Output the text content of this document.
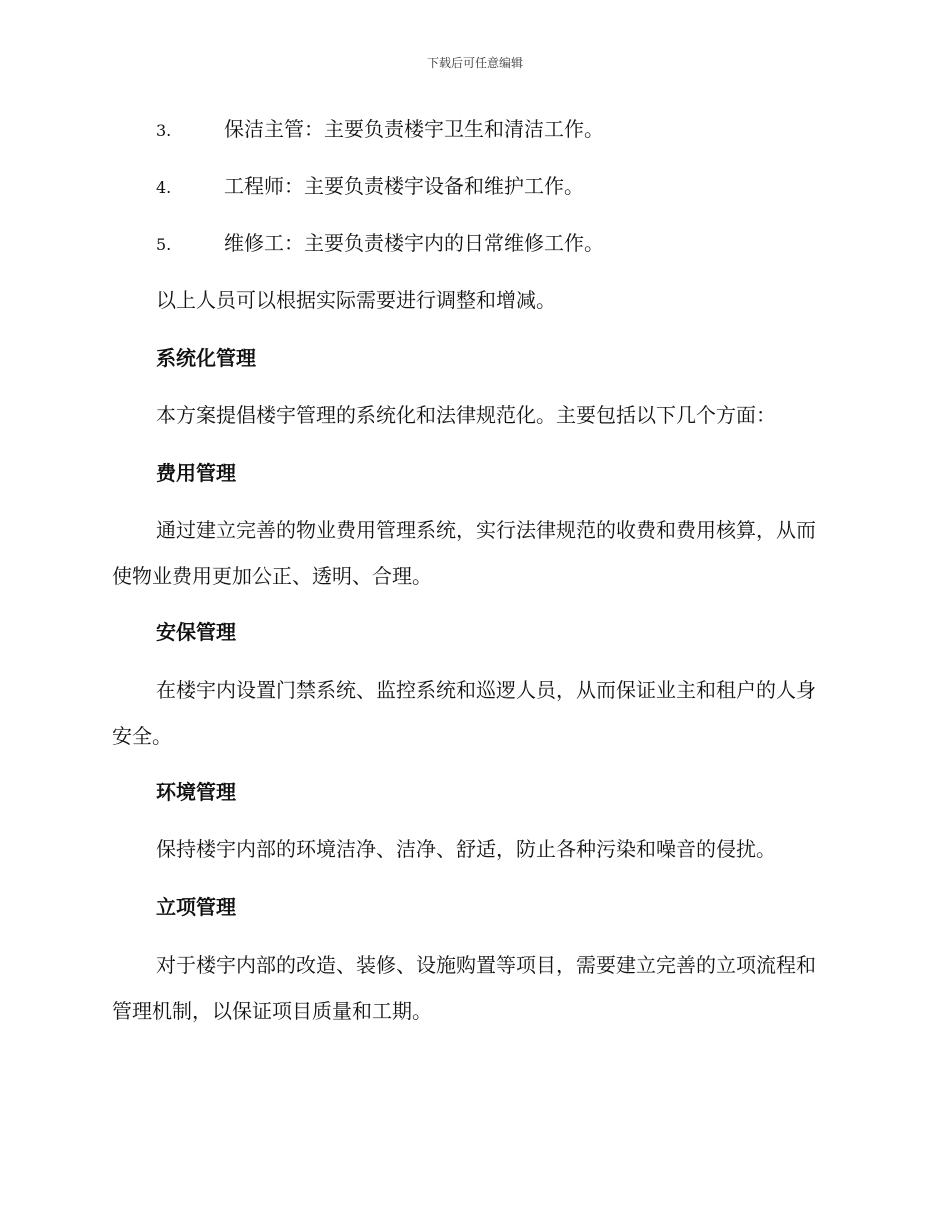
下载后可任意编辑
3.	保洁主管：主要负责楼宇卫生和清洁工作。
4.	工程师：主要负责楼宇设备和维护工作。
5.	维修工：主要负责楼宇内的日常维修工作。
以上人员可以根据实际需要进行调整和增减。
系统化管理
本方案提倡楼宇管理的系统化和法律规范化。主要包括以下几个方面：
费用管理
通过建立完善的物业费用管理系统，实行法律规范的收费和费用核算，从而使物业费用更加公正、透明、合理。
安保管理
在楼宇内设置门禁系统、监控系统和巡逻人员，从而保证业主和租户的人身安全。
环境管理
保持楼宇内部的环境洁净、洁净、舒适，防止各种污染和噪音的侵扰。
立项管理
对于楼宇内部的改造、装修、设施购置等项目，需要建立完善的立项流程和管理机制，以保证项目质量和工期。
